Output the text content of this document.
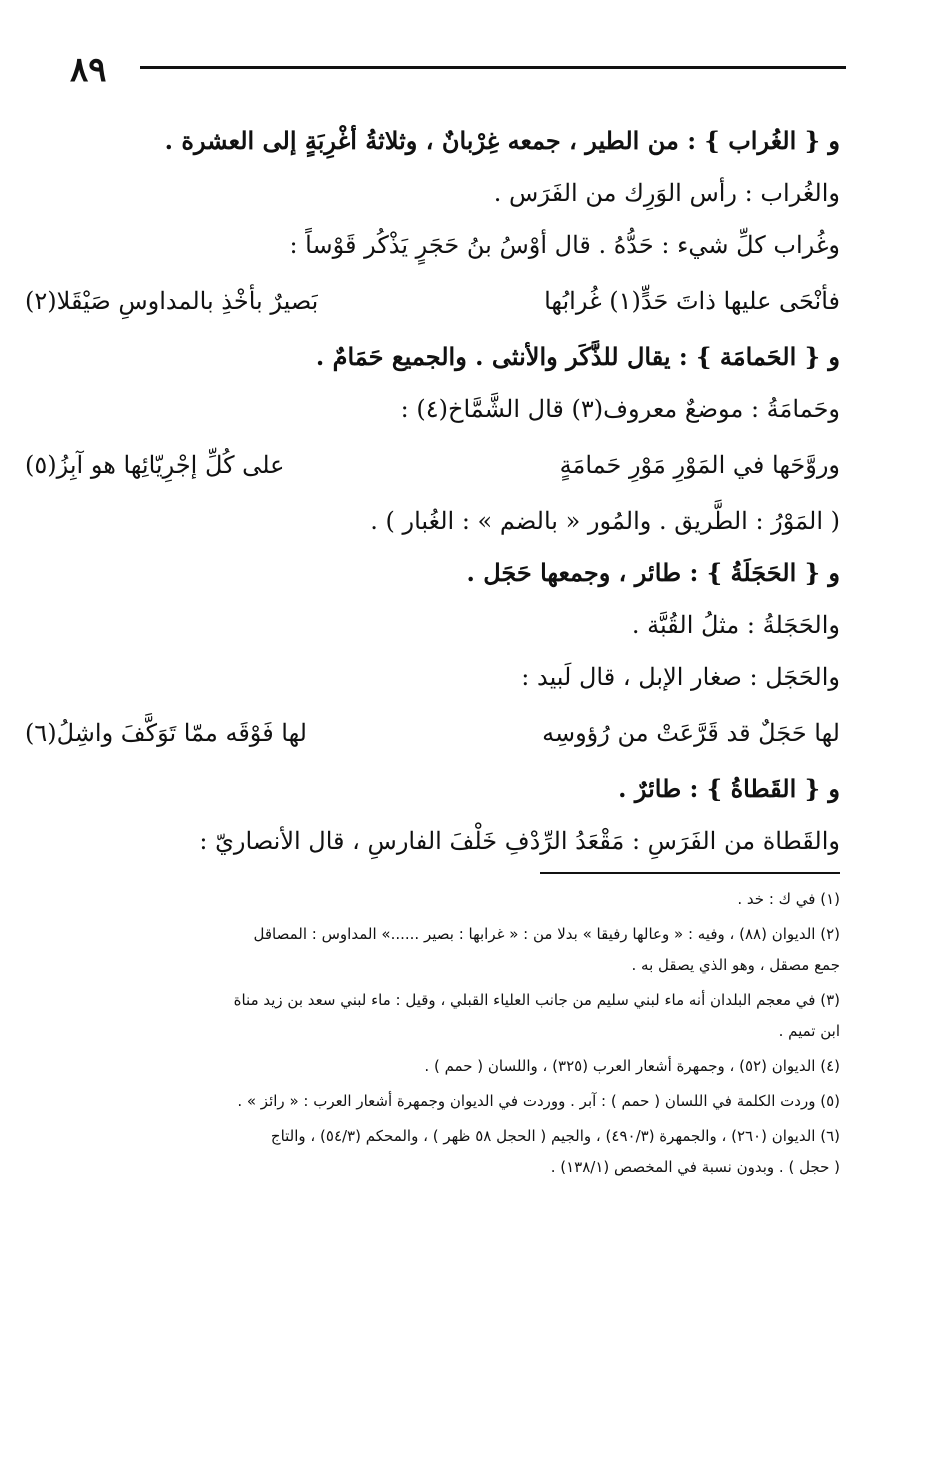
٨٩
و { الغُراب } : من الطير ، جمعه غِرْبانٌ ، وثلاثةُ أغْرِبَةٍ إلى العشرة .
والغُراب : رأس الوَرِك من الفَرَس .
وغُراب كلِّ شيء : حَدُّهُ . قال أوْسُ بنُ حَجَرٍ يَذْكُر قَوْساً :
فأنْحَى عليها ذاتَ حَدٍّ(١) غُرابُها
بَصيرٌ بأخْذِ بالمداوسِ صَيْقَلا(٢)
و { الحَمامَة } : يقال للذَّكَر والأنثى . والجميع حَمَامٌ .
وحَمامَةُ : موضعٌ معروف(٣) قال الشَّمَّاخ(٤) :
وروَّحَها في المَوْرِ مَوْرِ حَمامَةٍ
على كُلِّ إجْرِيّائِها هو آبِزُ(٥)
( المَوْرُ : الطَّريق . والمُور « بالضم » : الغُبار ) .
و { الحَجَلَةُ } : طائر ، وجمعها حَجَل .
والحَجَلةُ : مثلُ القُبَّة .
والحَجَل : صغار الإبل ، قال لَبيد :
لها حَجَلٌ قد قَرَّعَتْ من رُؤوسِه
لها فَوْقَه ممّا تَوَكَّفَ واشِلُ(٦)
و { القَطاةُ } : طائرٌ .
والقَطاة من الفَرَسِ : مَقْعَدُ الرِّدْفِ خَلْفَ الفارسِ ، قال الأنصاريّ :
(١) في ك : خد .
(٢) الديوان (٨٨) ، وفيه : « وعالها رفيقا » بدلا من : « غرابها : بصير ......» المداوس : المصاقل
جمع مصقل ، وهو الذي يصقل به .
(٣) في معجم البلدان أنه ماء لبني سليم من جانب العلياء القبلي ، وقيل : ماء لبني سعد بن زيد مناة
ابن تميم .
(٤) الديوان (٥٢) ، وجمهرة أشعار العرب (٣٢٥) ، واللسان ( حمم ) .
(٥) وردت الكلمة في اللسان ( حمم ) : آبر . ووردت في الديوان وجمهرة أشعار العرب : « رائز » .
(٦) الديوان (٢٦٠) ، والجمهرة (٤٩٠/٣) ، والجيم ( الحجل ٥٨ ظهر ) ، والمحكم (٥٤/٣) ، والتاج
( حجل ) . وبدون نسبة في المخصص (١٣٨/١) .
